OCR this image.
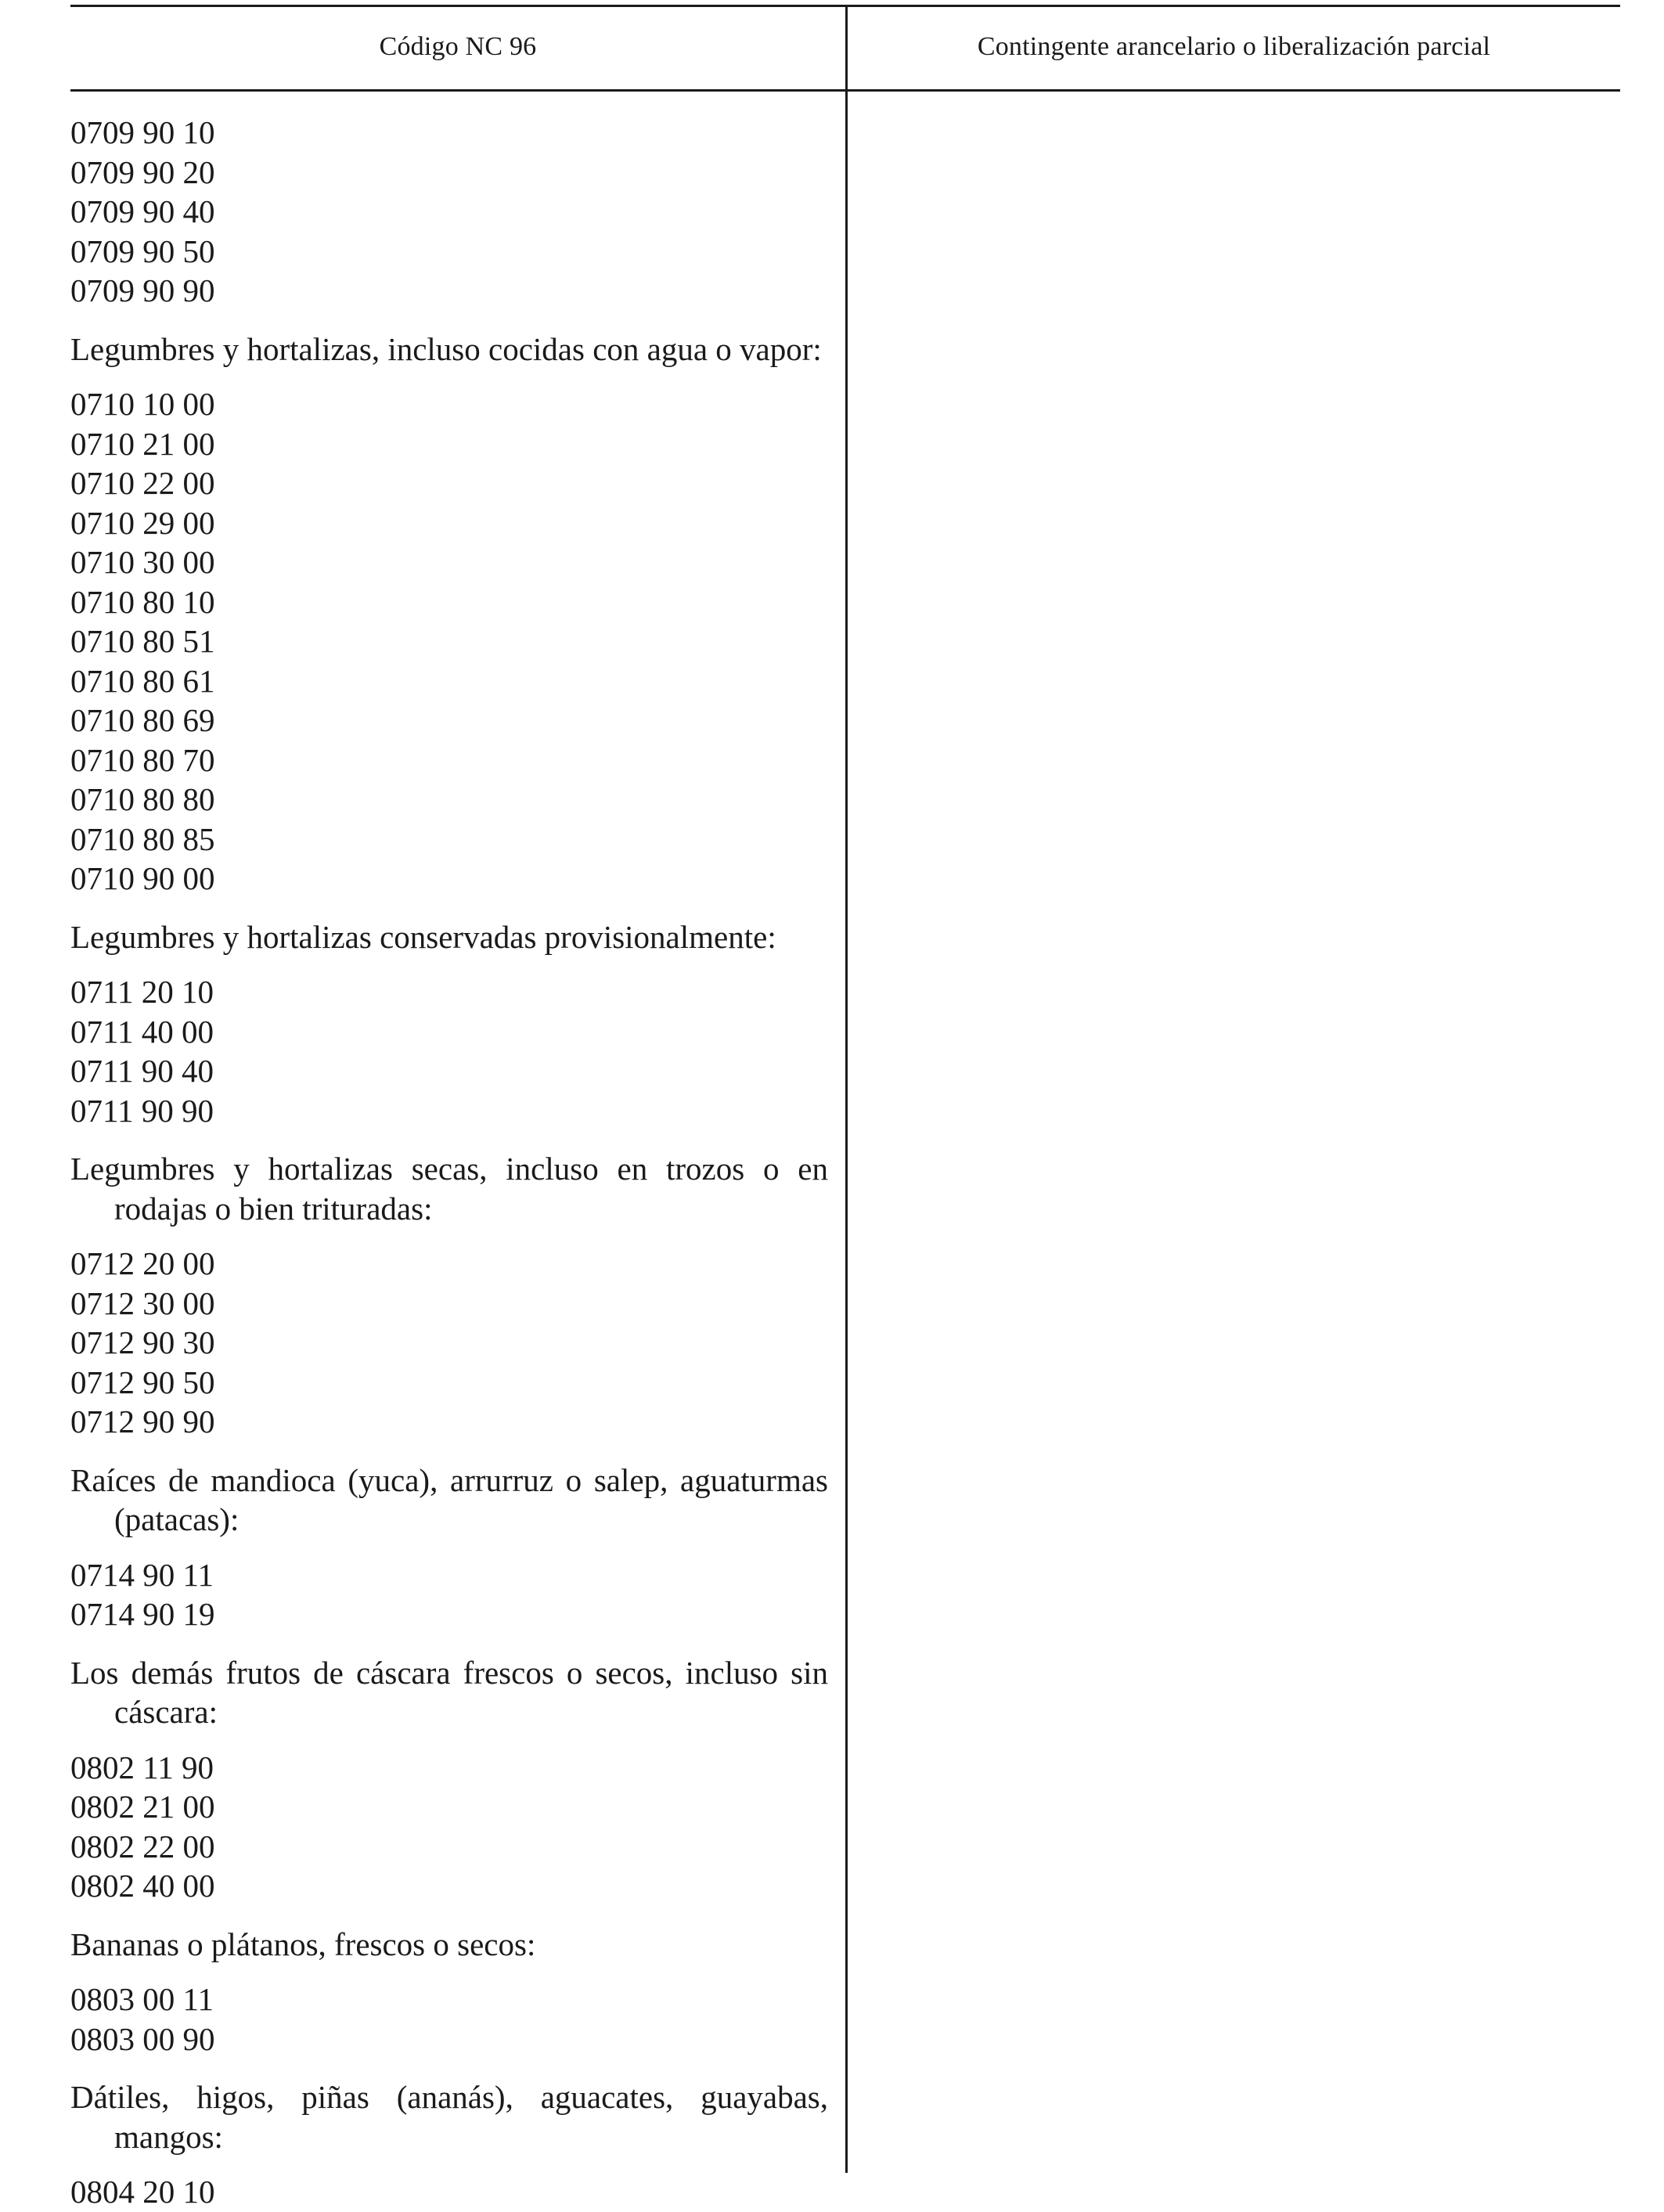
Código NC 96	Contingente arancelario o liberalización parcial

0709 90 10

0709 90 20

0709 90 40

0709 90 50

0709 90 90

Legumbres y hortalizas, incluso cocidas con agua o vapor:

0710 10 00

0710 21 00

0710 22 00

0710 29 00

0710 30 00

0710 80 10

0710 80 51

0710 80 61

0710 80 69

0710 80 70

0710 80 80

0710 80 85

0710 90 00

Legumbres y hortalizas conservadas provisionalmente:

0711 20 10

0711 40 00

0711 90 40

0711 90 90

Legumbres y hortalizas secas, incluso en trozos o en rodajas o bien trituradas:

0712 20 00

0712 30 00

0712 90 30

0712 90 50

0712 90 90

Raíces de mandioca (yuca), arrurruz o salep, aguaturmas (patacas):

0714 90 11

0714 90 19

Los demás frutos de cáscara frescos o secos, incluso sin cáscara:

0802 11 90

0802 21 00

0802 22 00

0802 40 00

Bananas o plátanos, frescos o secos:

0803 00 11

0803 00 90

Dátiles, higos, piñas (ananás), aguacates, guayabas, mangos:

0804 20 10
